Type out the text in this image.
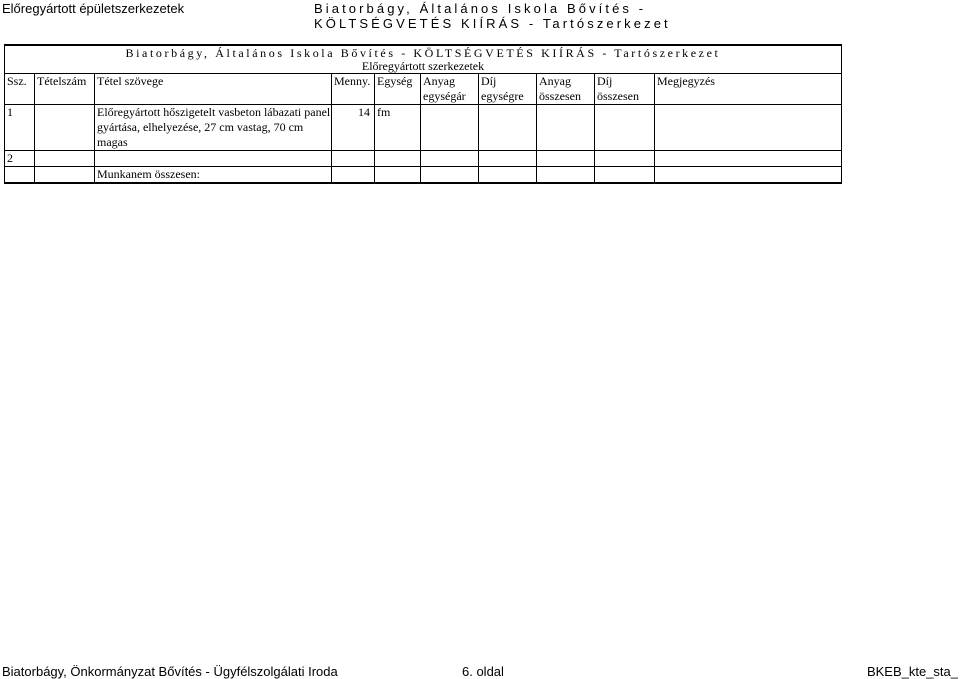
Előregyártott épületszerkezetek	Biatorbágy, Általános Iskola Bővítés -
KÖLTSÉGVETÉS KIÍRÁS - Tartószerkezet
Biatorbágy, Általános Iskola Bővítés - KÖLTSÉGVETÉS KIÍRÁS - Tartószerkezet
Előregyártott szerkezetek
Ssz.	Tételszám	Tétel szövege	Menny.	Egység	Anyag egységár	Díj egységre	Anyag összesen	Díj összesen	Megjegyzés
1		Előregyártott hőszigetelt vasbeton lábazati panel gyártása, elhelyezése, 27 cm vastag, 70 cm magas	14	fm					
2									
		Munkanem összesen:							
Biatorbágy, Önkormányzat Bővítés - Ügyfélszolgálati Iroda	6. oldal	BKEB_kte_sta_
